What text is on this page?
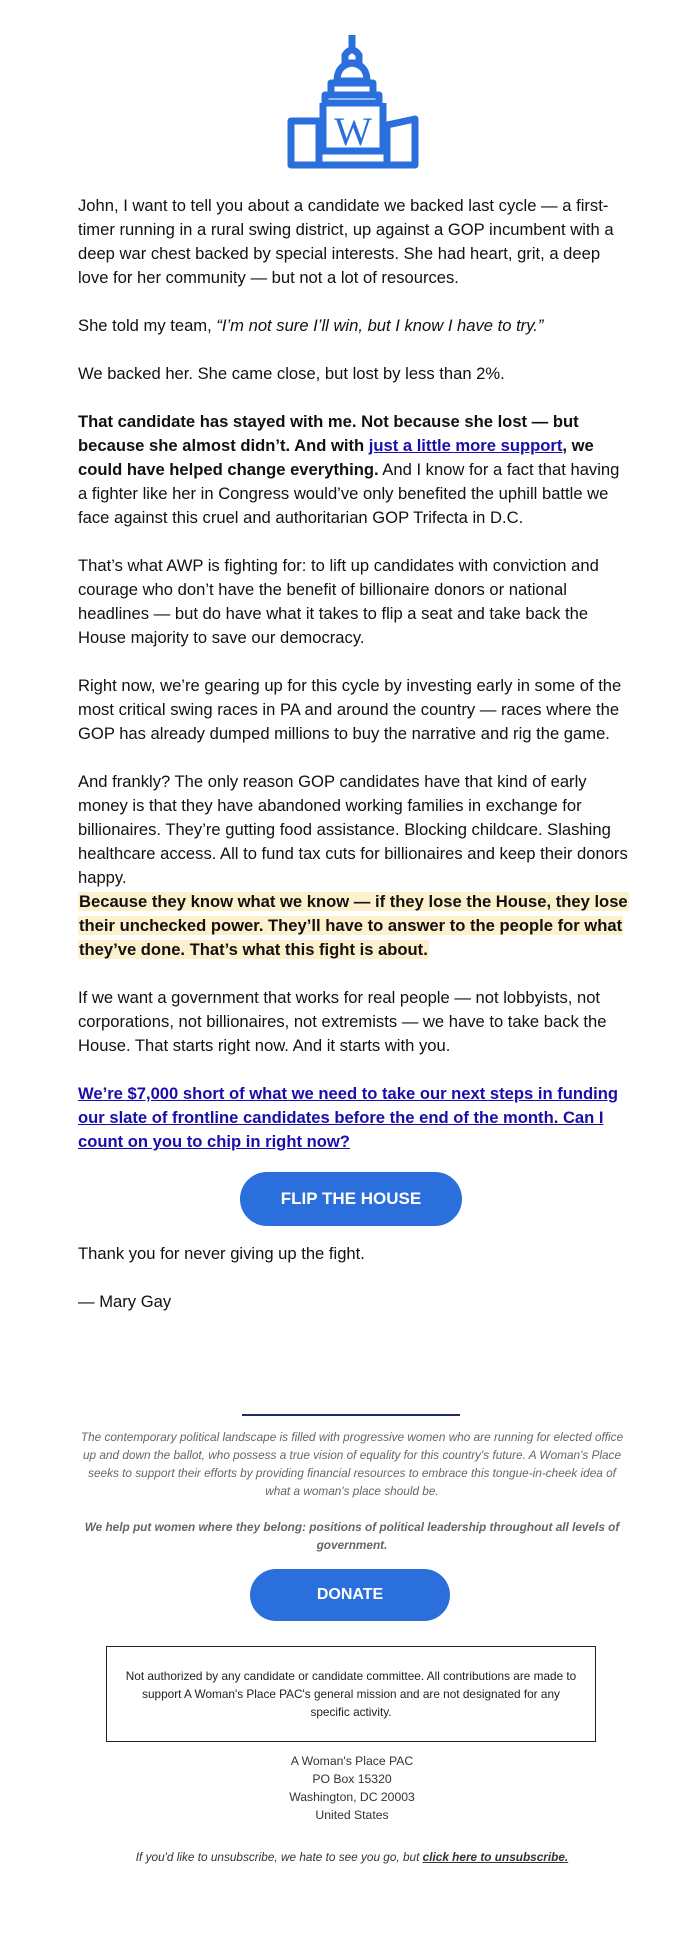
W

John, I want to tell you about a candidate we backed last cycle — a first-timer running in a rural swing district, up against a GOP incumbent with a deep war chest backed by special interests. She had heart, grit, a deep love for her community — but not a lot of resources.

She told my team, “I’m not sure I’ll win, but I know I have to try.”

We backed her. She came close, but lost by less than 2%.

That candidate has stayed with me. Not because she lost — but because she almost didn’t. And with just a little more support, we could have helped change everything. And I know for a fact that having a fighter like her in Congress would’ve only benefited the uphill battle we face against this cruel and authoritarian GOP Trifecta in D.C.

That’s what AWP is fighting for: to lift up candidates with conviction and courage who don’t have the benefit of billionaire donors or national headlines — but do have what it takes to flip a seat and take back the House majority to save our democracy.

Right now, we’re gearing up for this cycle by investing early in some of the most critical swing races in PA and around the country — races where the GOP has already dumped millions to buy the narrative and rig the game.

And frankly? The only reason GOP candidates have that kind of early money is that they have abandoned working families in exchange for billionaires. They’re gutting food assistance. Blocking childcare. Slashing healthcare access. All to fund tax cuts for billionaires and keep their donors happy.

Because they know what we know — if they lose the House, they lose their unchecked power. They’ll have to answer to the people for what they’ve done. That’s what this fight is about.

If we want a government that works for real people — not lobbyists, not corporations, not billionaires, not extremists — we have to take back the House. That starts right now. And it starts with you.

We’re $7,000 short of what we need to take our next steps in funding our slate of frontline candidates before the end of the month. Can I count on you to chip in right now?

FLIP THE HOUSE

Thank you for never giving up the fight.

— Mary Gay

The contemporary political landscape is filled with progressive women who are running for elected office up and down the ballot, who possess a true vision of equality for this country's future. A Woman's Place seeks to support their efforts by providing financial resources to embrace this tongue-in-cheek idea of what a woman's place should be.
We help put women where they belong: positions of political leadership throughout all levels of government.
DONATE
Not authorized by any candidate or candidate committee. All contributions are made to support A Woman's Place PAC's general mission and are not designated for any specific activity.
A Woman's Place PAC
PO Box 15320
Washington, DC 20003
United States
If you'd like to unsubscribe, we hate to see you go, but click here to unsubscribe.
